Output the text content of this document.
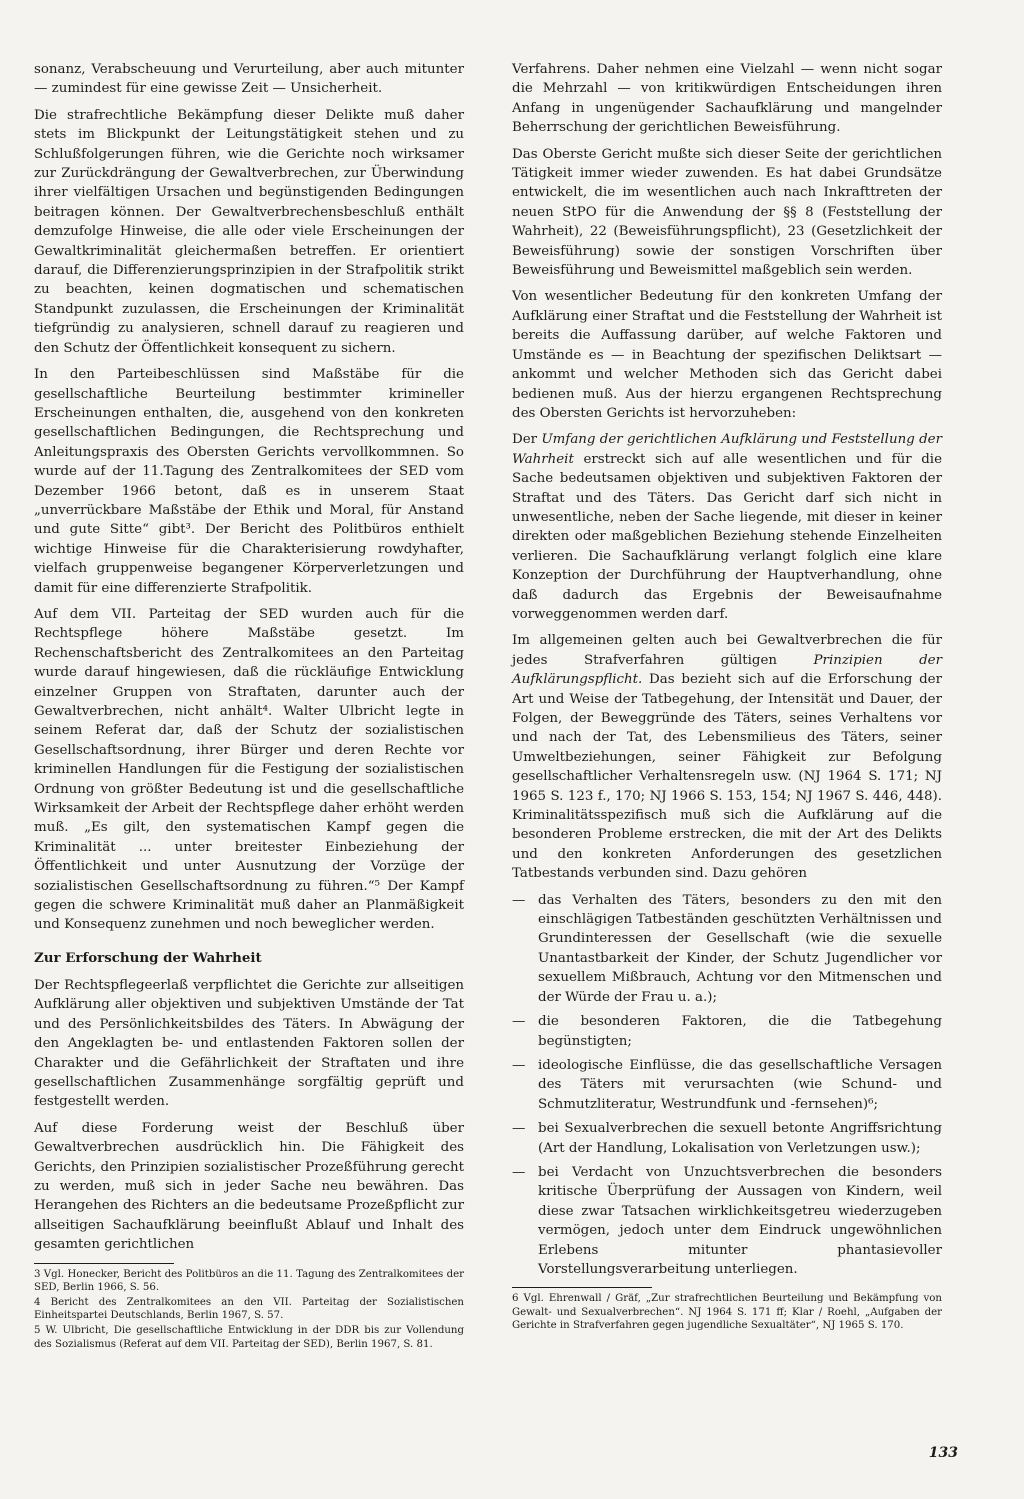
sonanz, Verabscheuung und Verurteilung, aber auch mitunter — zumindest für eine gewisse Zeit — Unsicherheit.

Die strafrechtliche Bekämpfung dieser Delikte muß daher stets im Blickpunkt der Leitungstätigkeit stehen und zu Schlußfolgerungen führen, wie die Gerichte noch wirksamer zur Zurückdrängung der Gewaltverbrechen, zur Überwindung ihrer vielfältigen Ursachen und begünstigenden Bedingungen beitragen können. Der Gewaltverbrechensbeschluß enthält demzufolge Hinweise, die alle oder viele Erscheinungen der Gewaltkriminalität gleichermaßen betreffen. Er orientiert darauf, die Differenzierungsprinzipien in der Strafpolitik strikt zu beachten, keinen dogmatischen und schematischen Standpunkt zuzulassen, die Erscheinungen der Kriminalität tiefgründig zu analysieren, schnell darauf zu reagieren und den Schutz der Öffentlichkeit konsequent zu sichern.

In den Parteibeschlüssen sind Maßstäbe für die gesellschaftliche Beurteilung bestimmter krimineller Erscheinungen enthalten, die, ausgehend von den konkreten gesellschaftlichen Bedingungen, die Rechtsprechung und Anleitungspraxis des Obersten Gerichts vervollkommnen. So wurde auf der 11.Tagung des Zentralkomitees der SED vom Dezember 1966 betont, daß es in unserem Staat „unverrückbare Maßstäbe der Ethik und Moral, für Anstand und gute Sitte“ gibt³. Der Bericht des Politbüros enthielt wichtige Hinweise für die Charakterisierung rowdyhafter, vielfach gruppenweise begangener Körperverletzungen und damit für eine differenzierte Strafpolitik.

Auf dem VII. Parteitag der SED wurden auch für die Rechtspflege höhere Maßstäbe gesetzt. Im Rechenschaftsbericht des Zentralkomitees an den Parteitag wurde darauf hingewiesen, daß die rückläufige Entwicklung einzelner Gruppen von Straftaten, darunter auch der Gewaltverbrechen, nicht anhält⁴. Walter Ulbricht legte in seinem Referat dar, daß der Schutz der sozialistischen Gesellschaftsordnung, ihrer Bürger und deren Rechte vor kriminellen Handlungen für die Festigung der sozialistischen Ordnung von größter Bedeutung ist und die gesellschaftliche Wirksamkeit der Arbeit der Rechtspflege daher erhöht werden muß. „Es gilt, den systematischen Kampf gegen die Kriminalität ... unter breitester Einbeziehung der Öffentlichkeit und unter Ausnutzung der Vorzüge der sozialistischen Gesellschaftsordnung zu führen.“⁵ Der Kampf gegen die schwere Kriminalität muß daher an Planmäßigkeit und Konsequenz zunehmen und noch beweglicher werden.

Zur Erforschung der Wahrheit

Der Rechtspflegeerlaß verpflichtet die Gerichte zur allseitigen Aufklärung aller objektiven und subjektiven Umstände der Tat und des Persönlichkeitsbildes des Täters. In Abwägung der den Angeklagten be- und entlastenden Faktoren sollen der Charakter und die Gefährlichkeit der Straftaten und ihre gesellschaftlichen Zusammenhänge sorgfältig geprüft und festgestellt werden.

Auf diese Forderung weist der Beschluß über Gewaltverbrechen ausdrücklich hin. Die Fähigkeit des Gerichts, den Prinzipien sozialistischer Prozeßführung gerecht zu werden, muß sich in jeder Sache neu bewähren. Das Herangehen des Richters an die bedeutsame Prozeßpflicht zur allseitigen Sachaufklärung beeinflußt Ablauf und Inhalt des gesamten gerichtlichen

3 Vgl. Honecker, Bericht des Politbüros an die 11. Tagung des Zentralkomitees der SED, Berlin 1966, S. 56.

4 Bericht des Zentralkomitees an den VII. Parteitag der Sozialistischen Einheitspartei Deutschlands, Berlin 1967, S. 57.

5 W. Ulbricht, Die gesellschaftliche Entwicklung in der DDR bis zur Vollendung des Sozialismus (Referat auf dem VII. Parteitag der SED), Berlin 1967, S. 81.

Verfahrens. Daher nehmen eine Vielzahl — wenn nicht sogar die Mehrzahl — von kritikwürdigen Entscheidungen ihren Anfang in ungenügender Sachaufklärung und mangelnder Beherrschung der gerichtlichen Beweisführung.

Das Oberste Gericht mußte sich dieser Seite der gerichtlichen Tätigkeit immer wieder zuwenden. Es hat dabei Grundsätze entwickelt, die im wesentlichen auch nach Inkrafttreten der neuen StPO für die Anwendung der §§ 8 (Feststellung der Wahrheit), 22 (Beweisführungspflicht), 23 (Gesetzlichkeit der Beweisführung) sowie der sonstigen Vorschriften über Beweisführung und Beweismittel maßgeblich sein werden.

Von wesentlicher Bedeutung für den konkreten Umfang der Aufklärung einer Straftat und die Feststellung der Wahrheit ist bereits die Auffassung darüber, auf welche Faktoren und Umstände es — in Beachtung der spezifischen Deliktsart — ankommt und welcher Methoden sich das Gericht dabei bedienen muß. Aus der hierzu ergangenen Rechtsprechung des Obersten Gerichts ist hervorzuheben:

Der Umfang der gerichtlichen Aufklärung und Feststellung der Wahrheit erstreckt sich auf alle wesentlichen und für die Sache bedeutsamen objektiven und subjektiven Faktoren der Straftat und des Täters. Das Gericht darf sich nicht in unwesentliche, neben der Sache liegende, mit dieser in keiner direkten oder maßgeblichen Beziehung stehende Einzelheiten verlieren. Die Sachaufklärung verlangt folglich eine klare Konzeption der Durchführung der Hauptverhandlung, ohne daß dadurch das Ergebnis der Beweisaufnahme vorweggenommen werden darf.

Im allgemeinen gelten auch bei Gewaltverbrechen die für jedes Strafverfahren gültigen Prinzipien der Aufklärungspflicht. Das bezieht sich auf die Erforschung der Art und Weise der Tatbegehung, der Intensität und Dauer, der Folgen, der Beweggründe des Täters, seines Verhaltens vor und nach der Tat, des Lebensmilieus des Täters, seiner Umweltbeziehungen, seiner Fähigkeit zur Befolgung gesellschaftlicher Verhaltensregeln usw. (NJ 1964 S. 171; NJ 1965 S. 123 f., 170; NJ 1966 S. 153, 154; NJ 1967 S. 446, 448). Kriminalitätsspezifisch muß sich die Aufklärung auf die besonderen Probleme erstrecken, die mit der Art des Delikts und den konkreten Anforderungen des gesetzlichen Tatbestands verbunden sind. Dazu gehören

— das Verhalten des Täters, besonders zu den mit den einschlägigen Tatbeständen geschützten Verhältnissen und Grundinteressen der Gesellschaft (wie die sexuelle Unantastbarkeit der Kinder, der Schutz Jugendlicher vor sexuellem Mißbrauch, Achtung vor den Mitmenschen und der Würde der Frau u. a.);
— die besonderen Faktoren, die die Tatbegehung begünstigten;
— ideologische Einflüsse, die das gesellschaftliche Versagen des Täters mit verursachten (wie Schund- und Schmutzliteratur, Westrundfunk und -fernsehen)⁶;
— bei Sexualverbrechen die sexuell betonte Angriffsrichtung (Art der Handlung, Lokalisation von Verletzungen usw.);
— bei Verdacht von Unzuchtsverbrechen die besonders kritische Überprüfung der Aussagen von Kindern, weil diese zwar Tatsachen wirklichkeitsgetreu wiederzugeben vermögen, jedoch unter dem Eindruck ungewöhnlichen Erlebens mitunter phantasievoller Vorstellungsverarbeitung unterliegen.

6 Vgl. Ehrenwall / Gräf, „Zur strafrechtlichen Beurteilung und Bekämpfung von Gewalt- und Sexualverbrechen“. NJ 1964 S. 171 ff; Klar / Roehl, „Aufgaben der Gerichte in Strafverfahren gegen jugendliche Sexualtäter“, NJ 1965 S. 170.

133
